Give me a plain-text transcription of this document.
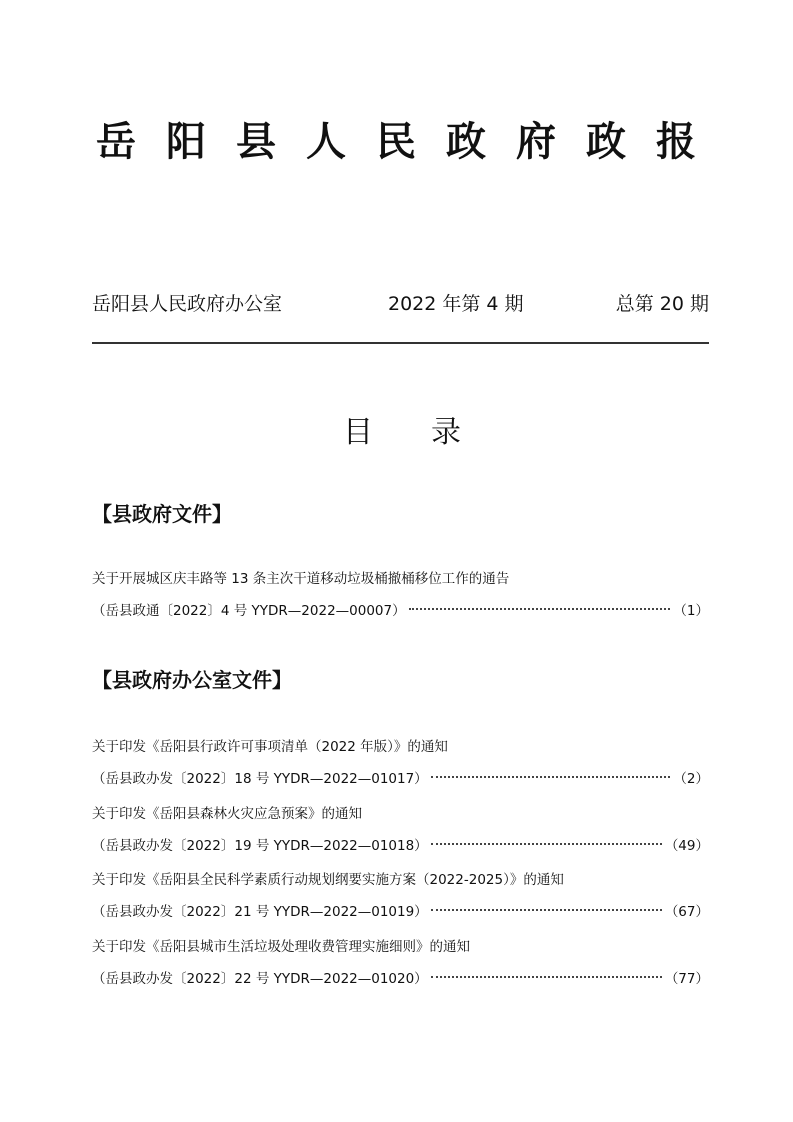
岳 阳 县 人 民 政 府 政 报
岳阳县人民政府办公室	2022 年第 4 期	总第 20 期
目 录
【县政府文件】
关于开展城区庆丰路等 13 条主次干道移动垃圾桶撤桶移位工作的通告
（岳县政通〔2022〕4 号 YYDR—2022—00007）	（1）
【县政府办公室文件】
关于印发《岳阳县行政许可事项清单（2022 年版）》的通知
（岳县政办发〔2022〕18 号 YYDR—2022—01017）	（2）
关于印发《岳阳县森林火灾应急预案》的通知
（岳县政办发〔2022〕19 号 YYDR—2022—01018）	（49）
关于印发《岳阳县全民科学素质行动规划纲要实施方案（2022-2025）》的通知
（岳县政办发〔2022〕21 号 YYDR—2022—01019）	（67）
关于印发《岳阳县城市生活垃圾处理收费管理实施细则》的通知
（岳县政办发〔2022〕22 号 YYDR—2022—01020）	（77）
